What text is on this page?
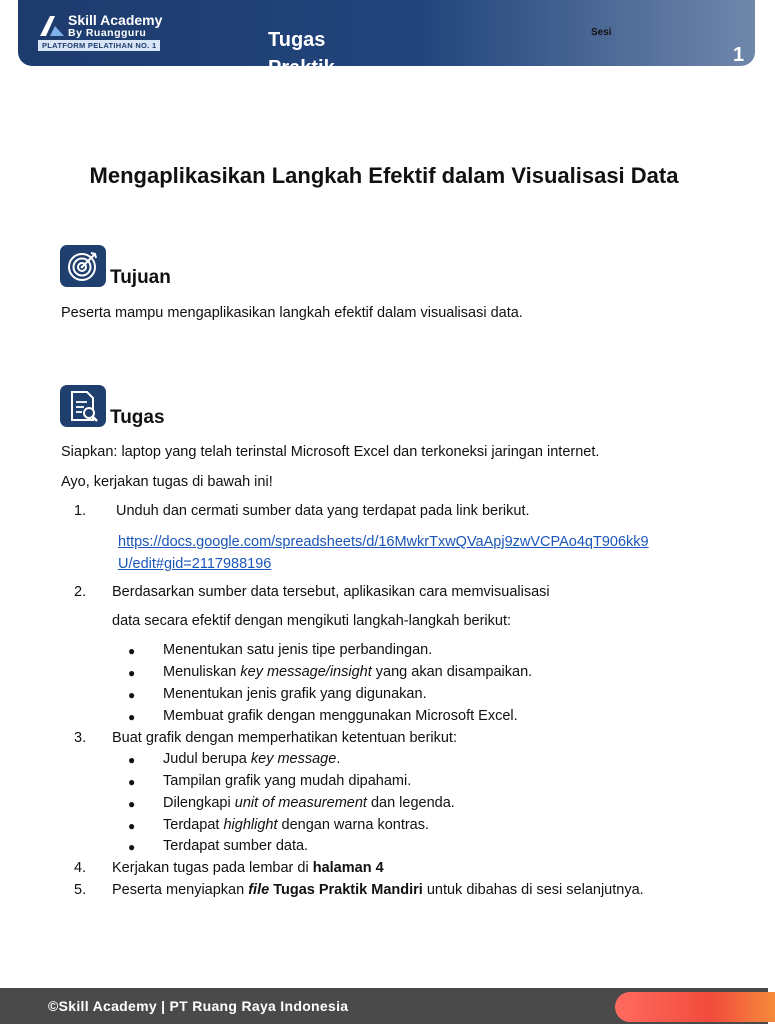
Skill Academy
By Ruangguru
PLATFORM PELATIHAN NO. 1	Tugas Praktik
Sesi
1
Mengaplikasikan Langkah Efektif dalam Visualisasi Data
Tujuan
Peserta mampu mengaplikasikan langkah efektif dalam visualisasi data.
Tugas
Siapkan: laptop yang telah terinstal Microsoft Excel dan terkoneksi jaringan internet.
Ayo, kerjakan tugas di bawah ini!
1. Unduh dan cermati sumber data yang terdapat pada link berikut.
https://docs.google.com/spreadsheets/d/16MwkrTxwQVaApj9zwVCPAo4qT906kk9
U/edit#gid=2117988196
2. Berdasarkan sumber data tersebut, aplikasikan cara memvisualisasi
data secara efektif dengan mengikuti langkah-langkah berikut:
● Menentukan satu jenis tipe perbandingan.
● Menuliskan key message/insight yang akan disampaikan.
● Menentukan jenis grafik yang digunakan.
● Membuat grafik dengan menggunakan Microsoft Excel.
3. Buat grafik dengan memperhatikan ketentuan berikut:
● Judul berupa key message.
● Tampilan grafik yang mudah dipahami.
● Dilengkapi unit of measurement dan legenda.
● Terdapat highlight dengan warna kontras.
● Terdapat sumber data.
4. Kerjakan tugas pada lembar di halaman 4
5. Peserta menyiapkan file Tugas Praktik Mandiri untuk dibahas di sesi selanjutnya.
©Skill Academy | PT Ruang Raya Indonesia
